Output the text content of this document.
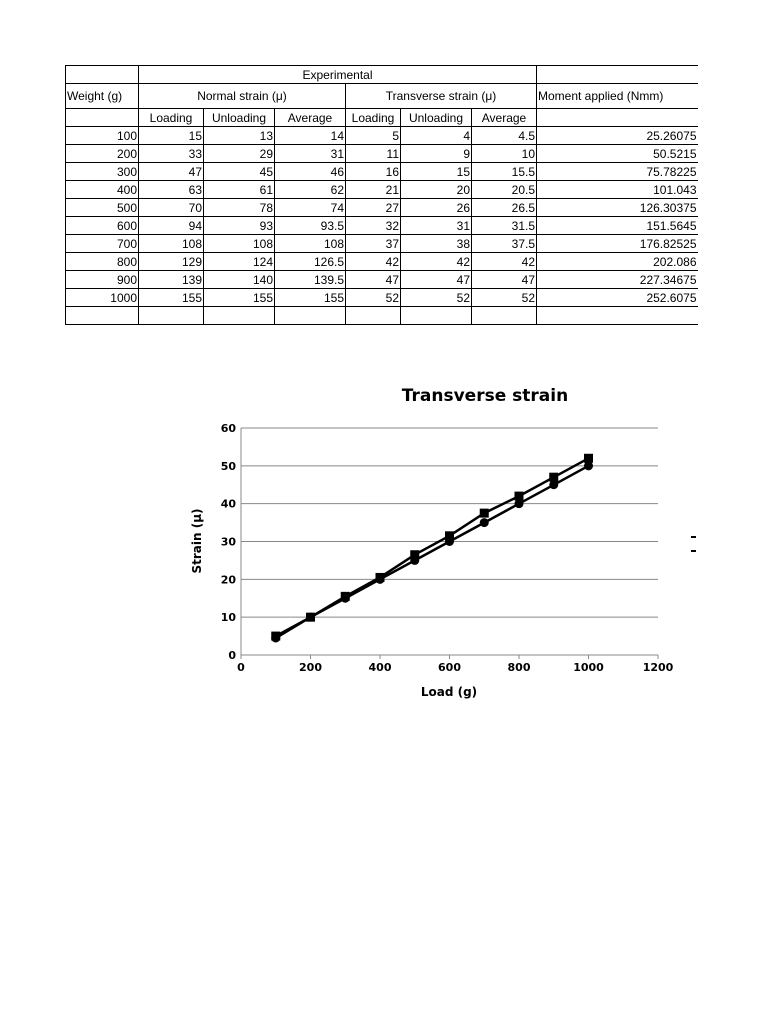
	Experimental						
Weight (g)	Normal strain (μ)			Transverse strain (μ)			Moment applied (Nmm)
	Loading	Unloading	Average	Loading	Unloading	Average	
100	15	13	14	5	4	4.5	25.26075
200	33	29	31	11	9	10	50.5215
300	47	45	46	16	15	15.5	75.78225
400	63	61	62	21	20	20.5	101.043
500	70	78	74	27	26	26.5	126.30375
600	94	93	93.5	32	31	31.5	151.5645
700	108	108	108	37	38	37.5	176.82525
800	129	124	126.5	42	42	42	202.086
900	139	140	139.5	47	47	47	227.34675
1000	155	155	155	52	52	52	252.6075

Transverse strain
0
10
20
30
40
50
60
0	200	400	600	800	1000	1200
Load (g)
Strain (μ)
